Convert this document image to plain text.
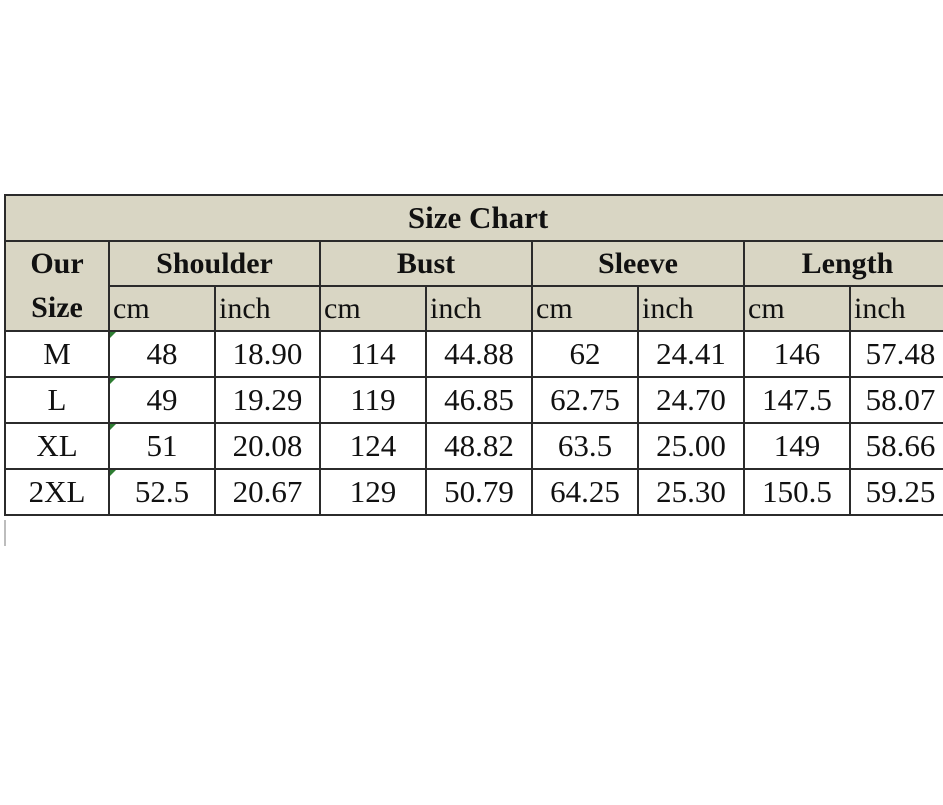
Size Chart								
Our
Size	Shoulder		Bust		Sleeve		Length	
	cm	inch	cm	inch	cm	inch	cm	inch
M	48	18.90	114	44.88	62	24.41	146	57.48
L	49	19.29	119	46.85	62.75	24.70	147.5	58.07
XL	51	20.08	124	48.82	63.5	25.00	149	58.66
2XL	52.5	20.67	129	50.79	64.25	25.30	150.5	59.25
